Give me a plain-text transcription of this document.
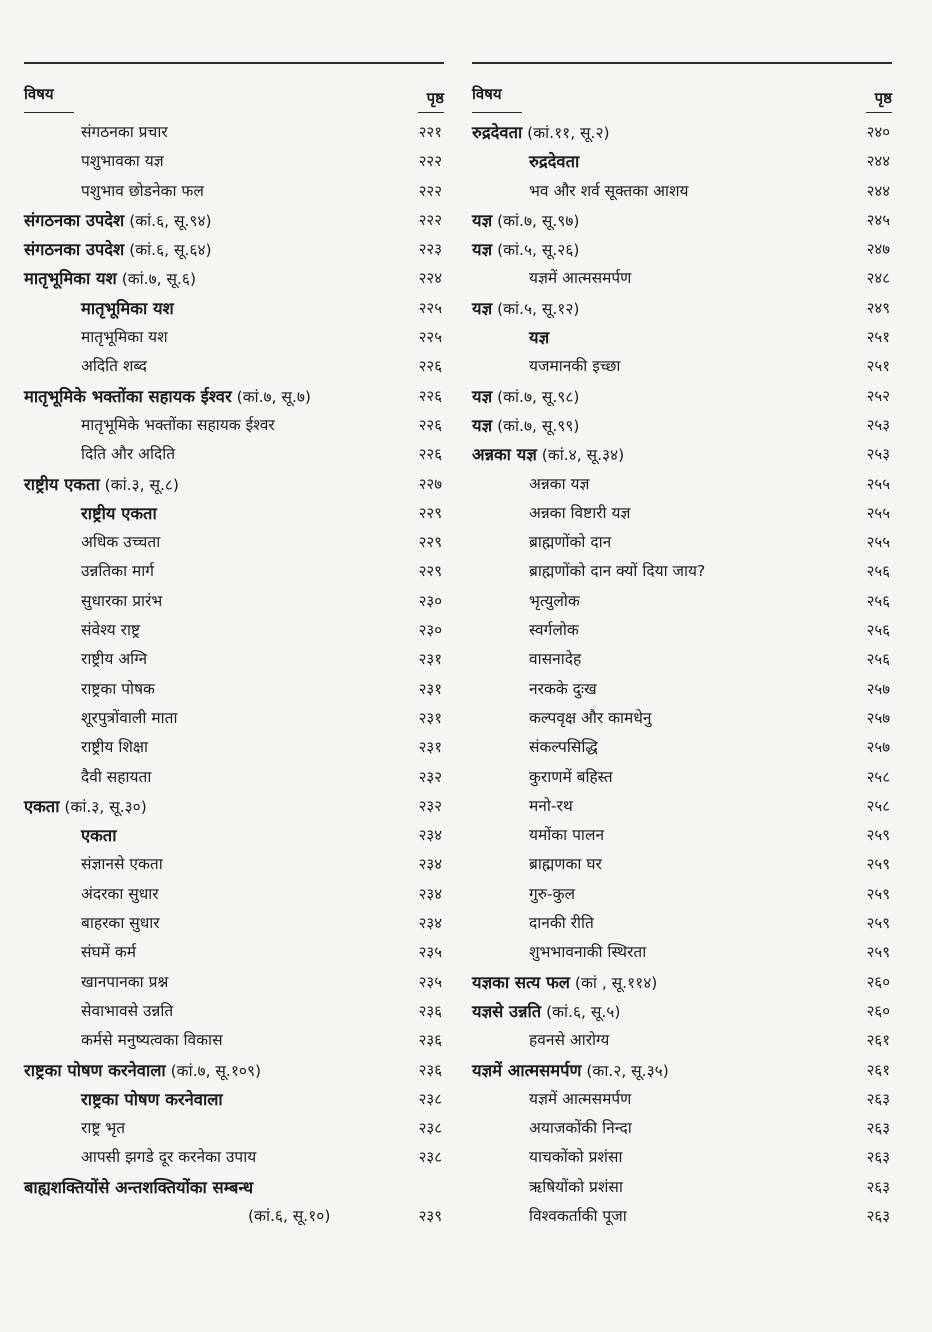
विषय	पृष्ठ
संगठनका प्रचार	२२१
पशुभावका यज्ञ	२२२
पशुभाव छोडनेका फल	२२२
संगठनका उपदेश (कां.६, सू.९४)	२२२
संगठनका उपदेश (कां.६, सू.६४)	२२३
मातृभूमिका यश (कां.७, सू.६)	२२४
मातृभूमिका यश	२२५
मातृभूमिका यश	२२५
अदिति शब्द	२२६
मातृभूमिके भक्तोंका सहायक ईश्वर (कां.७, सू.७)	२२६
मातृभूमिके भक्तोंका सहायक ईश्वर	२२६
दिति और अदिति	२२६
राष्ट्रीय एकता (कां.३, सू.८)	२२७
राष्ट्रीय एकता	२२९
अधिक उच्चता	२२९
उन्नतिका मार्ग	२२९
सुधारका प्रारंभ	२३०
संवेश्य राष्ट्र	२३०
राष्ट्रीय अग्नि	२३१
राष्ट्रका पोषक	२३१
शूरपुत्रोंवाली माता	२३१
राष्ट्रीय शिक्षा	२३१
दैवी सहायता	२३२
एकता (कां.३, सू.३०)	२३२
एकता	२३४
संज्ञानसे एकता	२३४
अंदरका सुधार	२३४
बाहरका सुधार	२३४
संघमें कर्म	२३५
खानपानका प्रश्न	२३५
सेवाभावसे उन्नति	२३६
कर्मसे मनुष्यत्वका विकास	२३६
राष्ट्रका पोषण करनेवाला (कां.७, सू.१०९)	२३६
राष्ट्रका पोषण करनेवाला	२३८
राष्ट्र भृत	२३८
आपसी झगडे दूर करनेका उपाय	२३८
बाह्यशक्तियोंसे अन्तशक्तियोंका सम्बन्ध
(कां.६, सू.१०)	२३९
विषय	पृष्ठ
रुद्रदेवता (कां.११, सू.२)	२४०
रुद्रदेवता	२४४
भव और शर्व सूक्तका आशय	२४४
यज्ञ (कां.७, सू.९७)	२४५
यज्ञ (कां.५, सू.२६)	२४७
यज्ञमें आत्मसमर्पण	२४८
यज्ञ (कां.५, सू.१२)	२४९
यज्ञ	२५१
यजमानकी इच्छा	२५१
यज्ञ (कां.७, सू.९८)	२५२
यज्ञ (कां.७, सू.९९)	२५३
अन्नका यज्ञ (कां.४, सू.३४)	२५३
अन्नका यज्ञ	२५५
अन्नका विष्टारी यज्ञ	२५५
ब्राह्मणोंको दान	२५५
ब्राह्मणोंको दान क्यों दिया जाय?	२५६
भृत्युलोक	२५६
स्वर्गलोक	२५६
वासनादेह	२५६
नरकके दुःख	२५७
कल्पवृक्ष और कामधेनु	२५७
संकल्पसिद्धि	२५७
कुराणमें बहिस्त	२५८
मनो-रथ	२५८
यमोंका पालन	२५९
ब्राह्मणका घर	२५९
गुरु-कुल	२५९
दानकी रीति	२५९
शुभभावनाकी स्थिरता	२५९
यज्ञका सत्य फल (कां , सू.११४)	२६०
यज्ञसे उन्नति (कां.६, सू.५)	२६०
हवनसे आरोग्य	२६१
यज्ञमें आत्मसमर्पण (का.२, सू.३५)	२६१
यज्ञमें आत्मसमर्पण	२६३
अयाजकोंकी निन्दा	२६३
याचकोंको प्रशंसा	२६३
ऋषियोंको प्रशंसा	२६३
विश्वकर्ताकी पूजा	२६३
